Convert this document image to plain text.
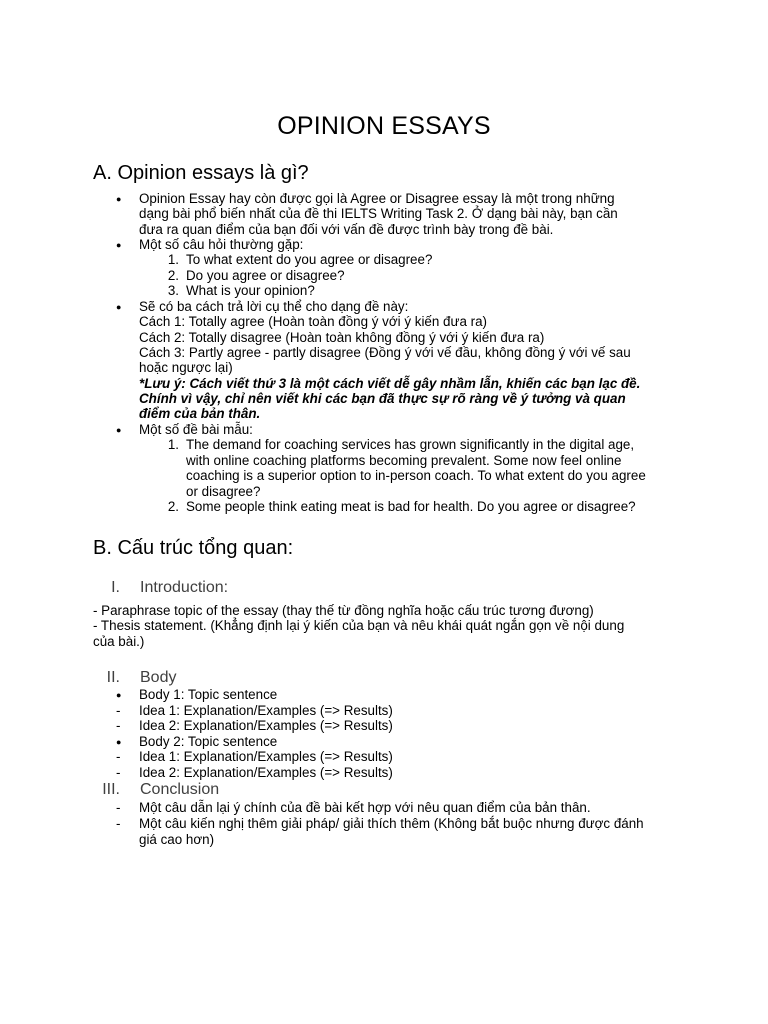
OPINION ESSAYS
A. Opinion essays là gì?
● Opinion Essay hay còn được gọi là Agree or Disagree essay là một trong những
dạng bài phổ biến nhất của đề thi IELTS Writing Task 2. Ở dạng bài này, bạn cần
đưa ra quan điểm của bạn đối với vấn đề được trình bày trong đề bài.
● Một số câu hỏi thường gặp:
1. To what extent do you agree or disagree?
2. Do you agree or disagree?
3. What is your opinion?
● Sẽ có ba cách trả lời cụ thể cho dạng đề này:
Cách 1: Totally agree (Hoàn toàn đồng ý với ý kiến đưa ra)
Cách 2: Totally disagree (Hoàn toàn không đồng ý với ý kiến đưa ra)
Cách 3: Partly agree - partly disagree (Đồng ý với vế đầu, không đồng ý với vế sau
hoặc ngược lại)
*Lưu ý: Cách viết thứ 3 là một cách viết dễ gây nhầm lẫn, khiến các bạn lạc đề.
Chính vì vậy, chỉ nên viết khi các bạn đã thực sự rõ ràng về ý tưởng và quan
điểm của bản thân.
● Một số đề bài mẫu:
1. The demand for coaching services has grown significantly in the digital age,
with online coaching platforms becoming prevalent. Some now feel online
coaching is a superior option to in-person coach. To what extent do you agree
or disagree?
2. Some people think eating meat is bad for health. Do you agree or disagree?
B. Cấu trúc tổng quan:
I. Introduction:
- Paraphrase topic of the essay (thay thế từ đồng nghĩa hoặc cấu trúc tương đương)
- Thesis statement. (Khẳng định lại ý kiến của bạn và nêu khái quát ngắn gọn về nội dung
của bài.)
II. Body
● Body 1: Topic sentence
- Idea 1: Explanation/Examples (=> Results)
- Idea 2: Explanation/Examples (=> Results)
● Body 2: Topic sentence
- Idea 1: Explanation/Examples (=> Results)
- Idea 2: Explanation/Examples (=> Results)
III. Conclusion
- Một câu dẫn lại ý chính của đề bài kết hợp với nêu quan điểm của bản thân.
- Một câu kiến nghị thêm giải pháp/ giải thích thêm (Không bắt buộc nhưng được đánh
giá cao hơn)
